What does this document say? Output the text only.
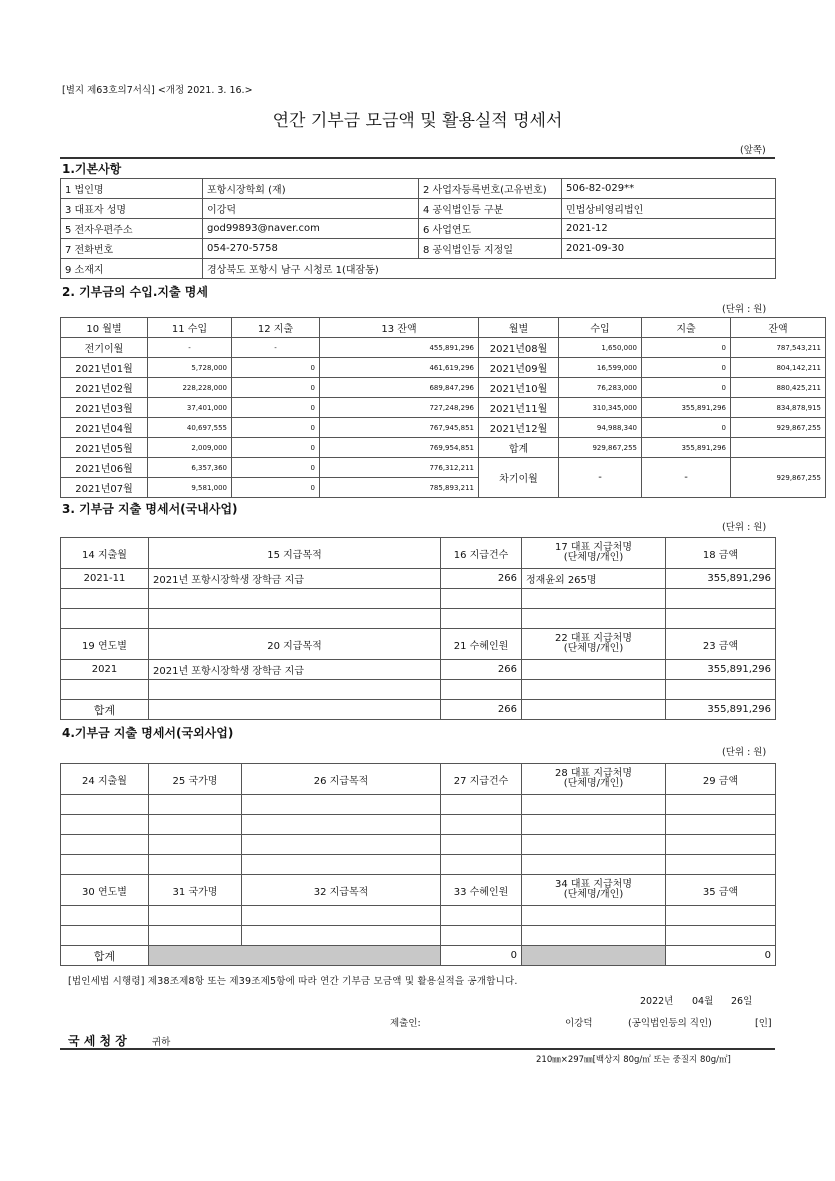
[별지 제63호의7서식] <개정 2021. 3. 16.>
연간 기부금 모금액 및 활용실적 명세서
(앞쪽)
1.기본사항
1 법인명	포항시장학회 (재)	2 사업자등록번호(고유번호)	506-82-029**
3 대표자 성명	이강덕	4 공익법인등 구분	민법상비영리법인
5 전자우편주소	god99893@naver.com	6 사업연도	2021-12
7 전화번호	054-270-5758	8 공익법인등 지정일	2021-09-30
9 소재지	경상북도 포항시 남구 시청로 1(대잠동)		
2. 기부금의 수입.지출 명세
(단위 : 원)
10 월별	11 수입	12 지출	13 잔액	월별	수입	지출	잔액
전기이월	-	-	455,891,296	2021년08월	1,650,000	0	787,543,211
2021년01월	5,728,000	0	461,619,296	2021년09월	16,599,000	0	804,142,211
2021년02월	228,228,000	0	689,847,296	2021년10월	76,283,000	0	880,425,211
2021년03월	37,401,000	0	727,248,296	2021년11월	310,345,000	355,891,296	834,878,915
2021년04월	40,697,555	0	767,945,851	2021년12월	94,988,340	0	929,867,255
2021년05월	2,009,000	0	769,954,851	합계	929,867,255	355,891,296	
2021년06월	6,357,360	0	776,312,211	차기이월	-	-	929,867,255
2021년07월	9,581,000	0	785,893,211				
3. 기부금 지출 명세서(국내사업)
(단위 : 원)
14 지출월	15 지급목적	16 지급건수	17 대표 지급처명
(단체명/개인)	18 금액
2021-11	2021년 포항시장학생 장학금 지급	266	정재윤외 265명	355,891,296

19 연도별	20 지급목적	21 수혜인원	22 대표 지급처명
(단체명/개인)	23 금액
2021	2021년 포항시장학생 장학금 지급	266		355,891,296

합계		266		355,891,296
4.기부금 지출 명세서(국외사업)
(단위 : 원)
24 지출월	25 국가명	26 지급목적	27 지급건수	28 대표 지급처명
(단체명/개인)	29 금액

30 연도별	31 국가명	32 지급목적	33 수혜인원	34 대표 지급처명
(단체명/개인)	35 금액

합계			0		0
[법인세법 시행령] 제38조제8항 또는 제39조제5항에 따라 연간 기부금 모금액 및 활용실적을 공개합니다.
2022년 04월 26일
제출인:	이강덕	(공익법인등의 직인)	[인]
국 세 청 장	귀하
210㎜×297㎜[백상지 80g/㎡ 또는 중질지 80g/㎡]
